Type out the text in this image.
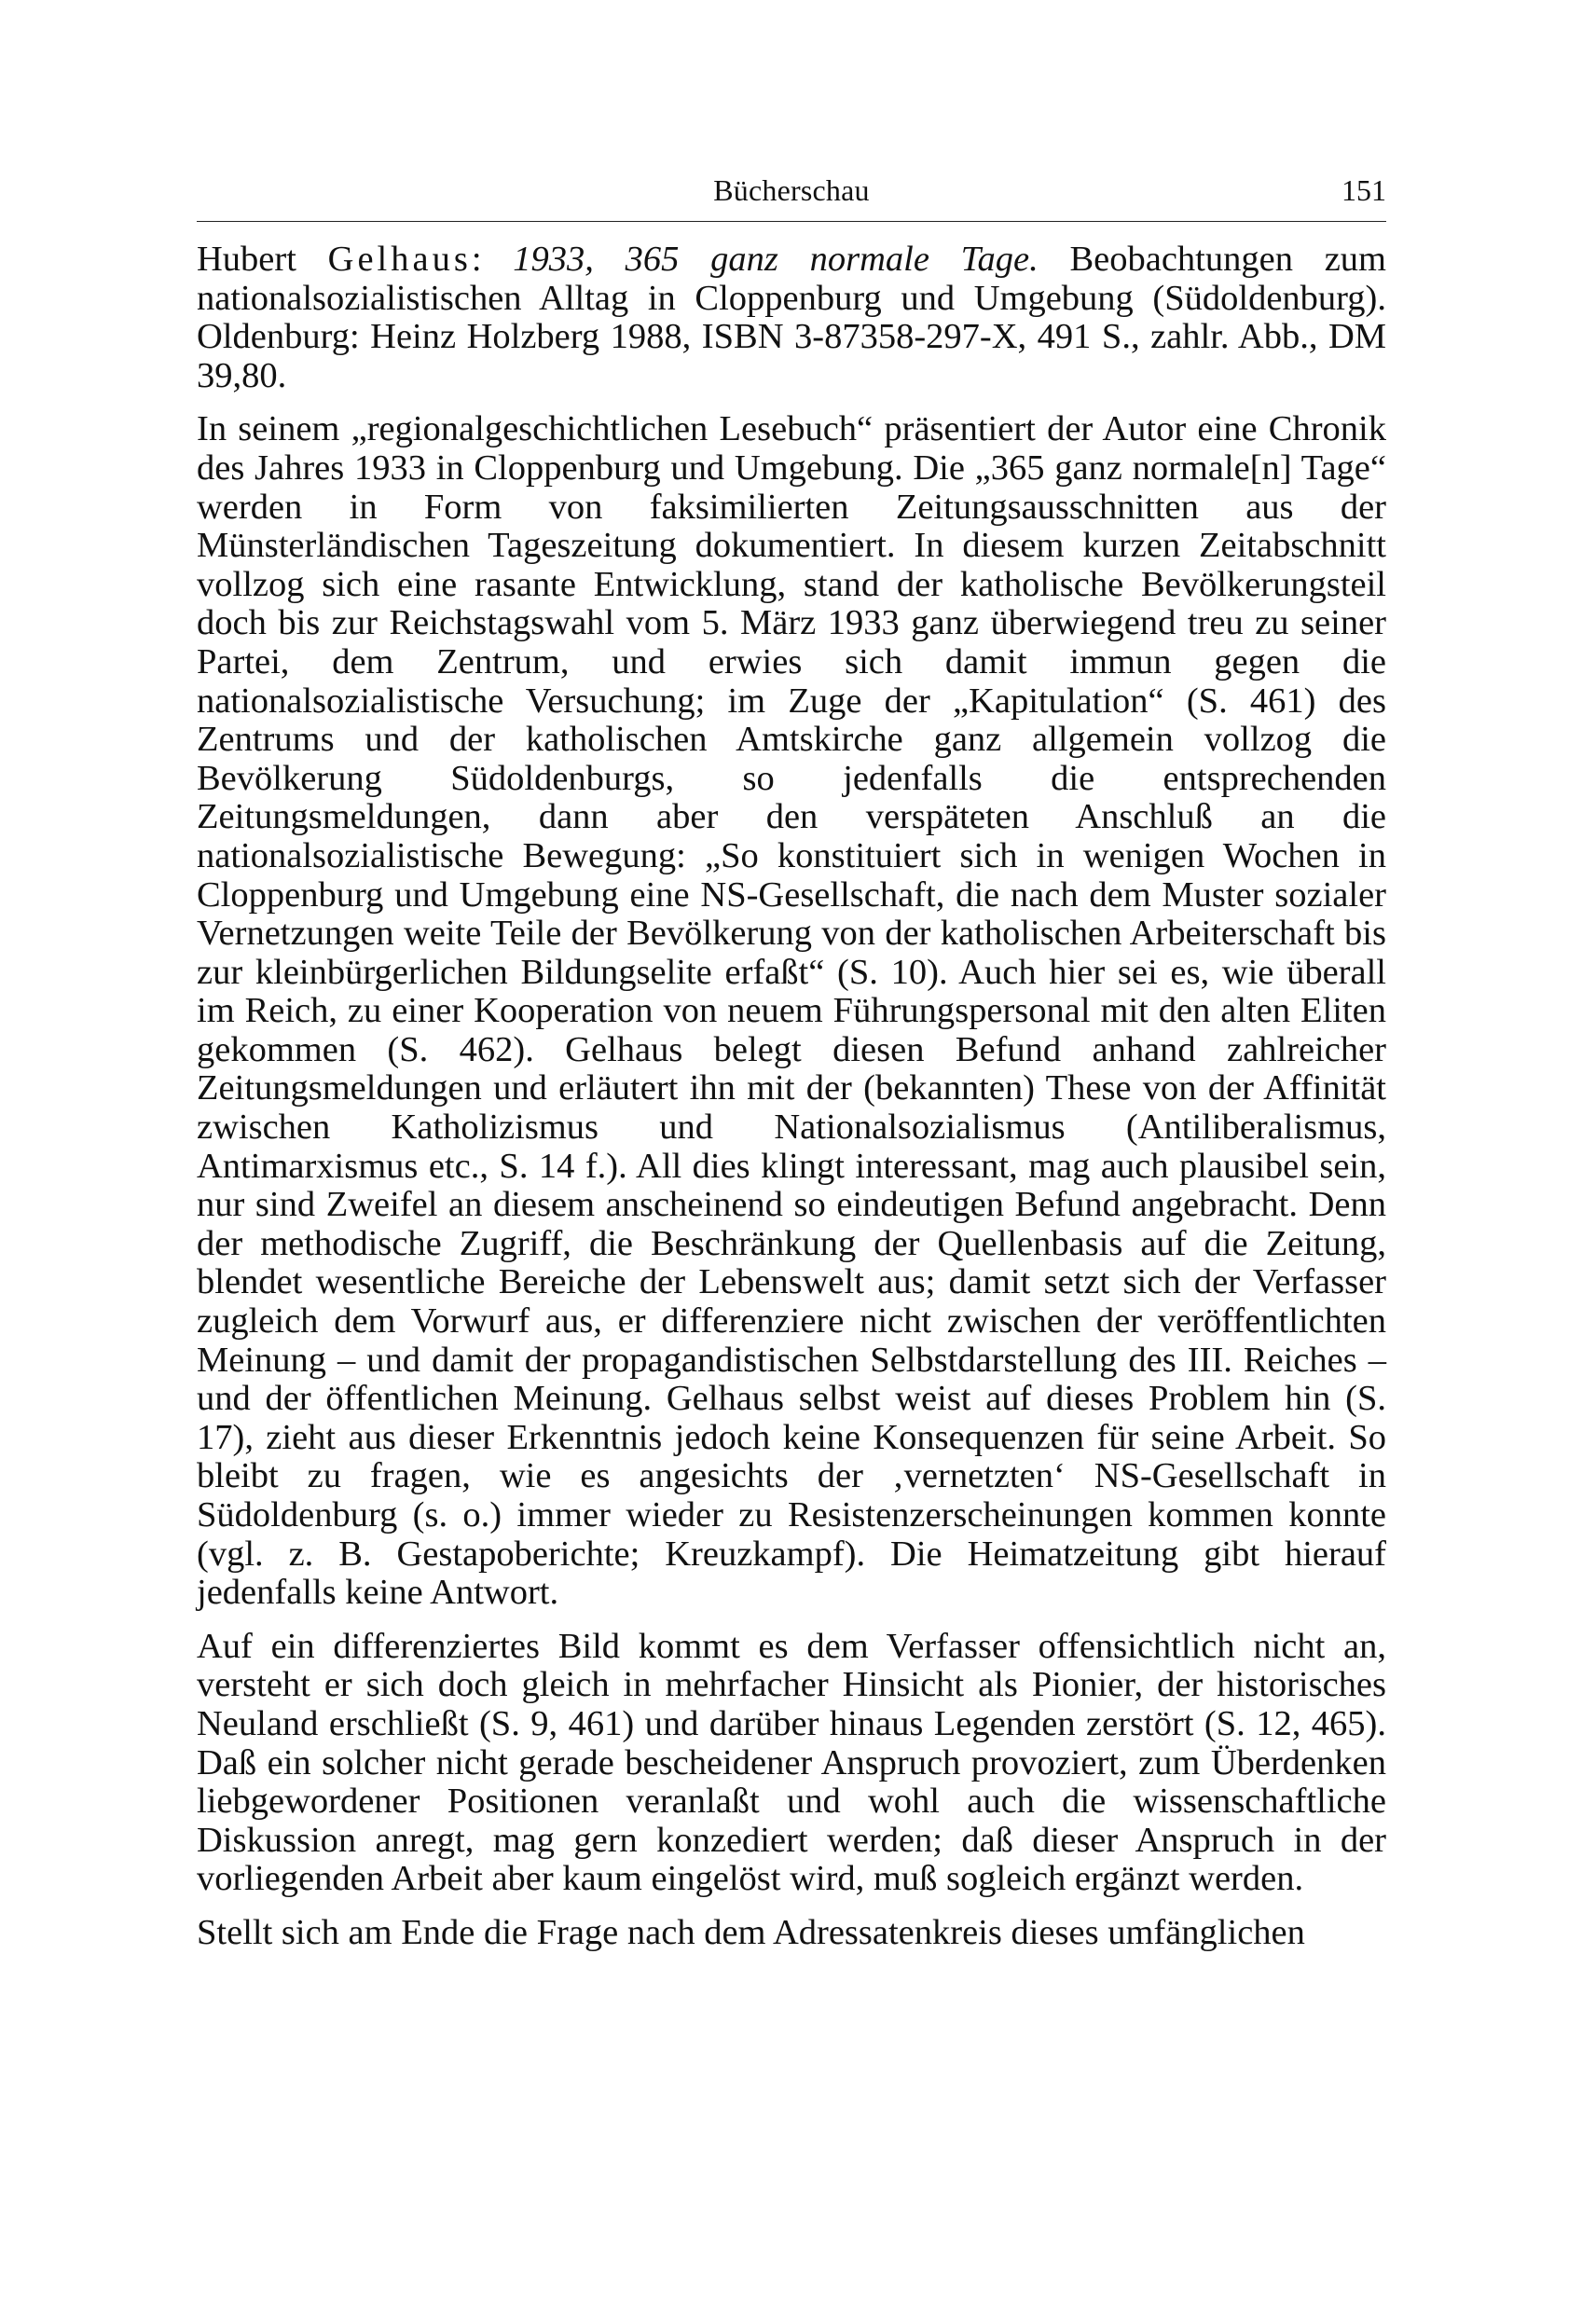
Bücherschau	151

Hubert Gelhaus: 1933, 365 ganz normale Tage. Beobachtungen zum nationalsozialistischen Alltag in Cloppenburg und Umgebung (Südoldenburg). Oldenburg: Heinz Holzberg 1988, ISBN 3-87358-297-X, 491 S., zahlr. Abb., DM 39,80.

In seinem „regionalgeschichtlichen Lesebuch“ präsentiert der Autor eine Chronik des Jahres 1933 in Cloppenburg und Umgebung. Die „365 ganz normale[n] Tage“ werden in Form von faksimilierten Zeitungsausschnitten aus der Münsterländischen Tageszeitung dokumentiert. In diesem kurzen Zeitabschnitt vollzog sich eine rasante Entwicklung, stand der katholische Bevölkerungsteil doch bis zur Reichstagswahl vom 5. März 1933 ganz überwiegend treu zu seiner Partei, dem Zentrum, und erwies sich damit immun gegen die nationalsozialistische Versuchung; im Zuge der „Kapitulation“ (S. 461) des Zentrums und der katholischen Amtskirche ganz allgemein vollzog die Bevölkerung Südoldenburgs, so jedenfalls die entsprechenden Zeitungsmeldungen, dann aber den verspäteten Anschluß an die nationalsozialistische Bewegung: „So konstituiert sich in wenigen Wochen in Cloppenburg und Umgebung eine NS-Gesellschaft, die nach dem Muster sozialer Vernetzungen weite Teile der Bevölkerung von der katholischen Arbeiterschaft bis zur kleinbürgerlichen Bildungselite erfaßt“ (S. 10). Auch hier sei es, wie überall im Reich, zu einer Kooperation von neuem Führungspersonal mit den alten Eliten gekommen (S. 462). Gelhaus belegt diesen Befund anhand zahlreicher Zeitungsmeldungen und erläutert ihn mit der (bekannten) These von der Affinität zwischen Katholizismus und Nationalsozialismus (Antiliberalismus, Antimarxismus etc., S. 14 f.). All dies klingt interessant, mag auch plausibel sein, nur sind Zweifel an diesem anscheinend so eindeutigen Befund angebracht. Denn der methodische Zugriff, die Beschränkung der Quellenbasis auf die Zeitung, blendet wesentliche Bereiche der Lebenswelt aus; damit setzt sich der Verfasser zugleich dem Vorwurf aus, er differenziere nicht zwischen der veröffentlichten Meinung – und damit der propagandistischen Selbstdarstellung des III. Reiches – und der öffentlichen Meinung. Gelhaus selbst weist auf dieses Problem hin (S. 17), zieht aus dieser Erkenntnis jedoch keine Konsequenzen für seine Arbeit. So bleibt zu fragen, wie es angesichts der ‚vernetzten‘ NS-Gesellschaft in Südoldenburg (s. o.) immer wieder zu Resistenzerscheinungen kommen konnte (vgl. z. B. Gestapoberichte; Kreuzkampf). Die Heimatzeitung gibt hierauf jedenfalls keine Antwort.

Auf ein differenziertes Bild kommt es dem Verfasser offensichtlich nicht an, versteht er sich doch gleich in mehrfacher Hinsicht als Pionier, der historisches Neuland erschließt (S. 9, 461) und darüber hinaus Legenden zerstört (S. 12, 465). Daß ein solcher nicht gerade bescheidener Anspruch provoziert, zum Überdenken liebgewordener Positionen veranlaßt und wohl auch die wissenschaftliche Diskussion anregt, mag gern konzediert werden; daß dieser Anspruch in der vorliegenden Arbeit aber kaum eingelöst wird, muß sogleich ergänzt werden.

Stellt sich am Ende die Frage nach dem Adressatenkreis dieses umfänglichen
